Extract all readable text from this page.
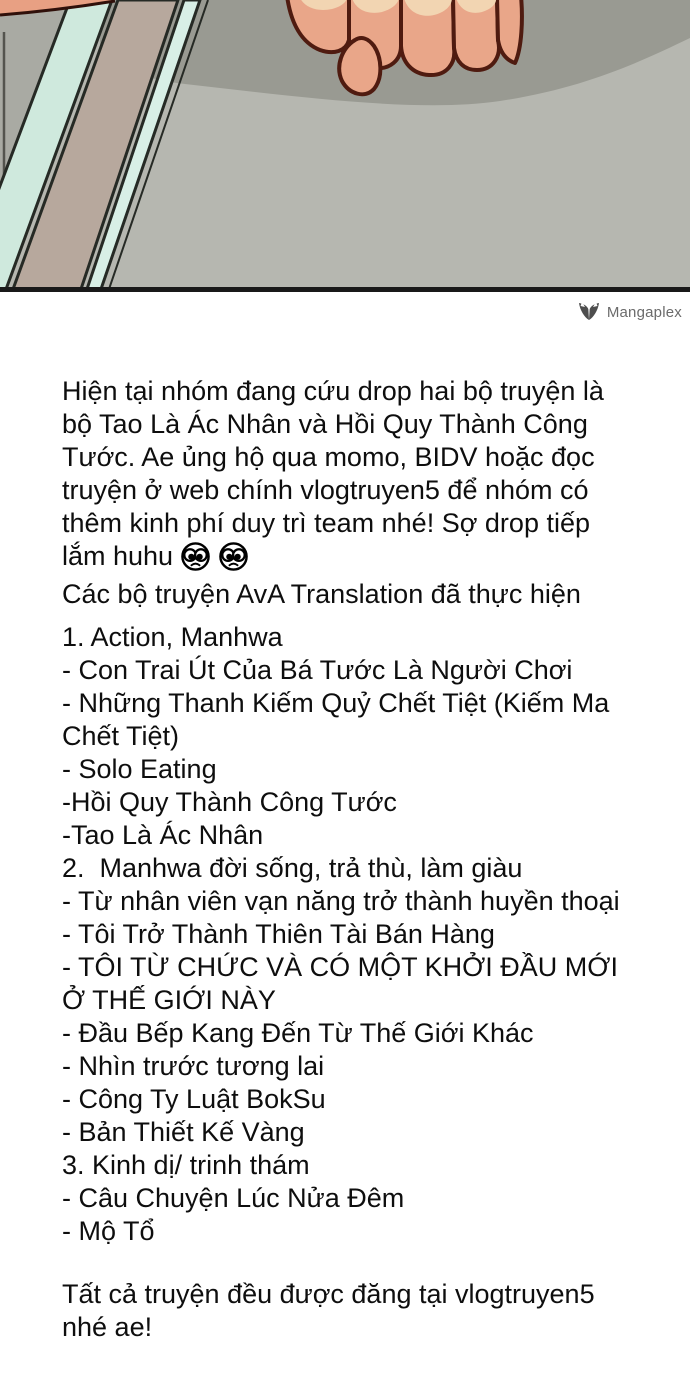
Mangaplex
Hiện tại nhóm đang cứu drop hai bộ truyện là
bộ Tao Là Ác Nhân và Hồi Quy Thành Công
Tước. Ae ủng hộ qua momo, BIDV hoặc đọc
truyện ở web chính vlogtruyen5 để nhóm có
thêm kinh phí duy trì team nhé! Sợ drop tiếp
lắm huhu
Các bộ truyện AvA Translation đã thực hiện
1. Action, Manhwa
- Con Trai Út Của Bá Tước Là Người Chơi
- Những Thanh Kiếm Quỷ Chết Tiệt (Kiếm Ma
Chết Tiệt)
- Solo Eating
-Hồi Quy Thành Công Tước
-Tao Là Ác Nhân
2.  Manhwa đời sống, trả thù, làm giàu
- Từ nhân viên vạn năng trở thành huyền thoại
- Tôi Trở Thành Thiên Tài Bán Hàng
- TÔI TỪ CHỨC VÀ CÓ MỘT KHỞI ĐẦU MỚI
Ở THẾ GIỚI NÀY
- Đầu Bếp Kang Đến Từ Thế Giới Khác
- Nhìn trước tương lai
- Công Ty Luật BokSu
- Bản Thiết Kế Vàng
3. Kinh dị/ trinh thám
- Câu Chuyện Lúc Nửa Đêm
- Mộ Tổ
Tất cả truyện đều được đăng tại vlogtruyen5
nhé ae!
